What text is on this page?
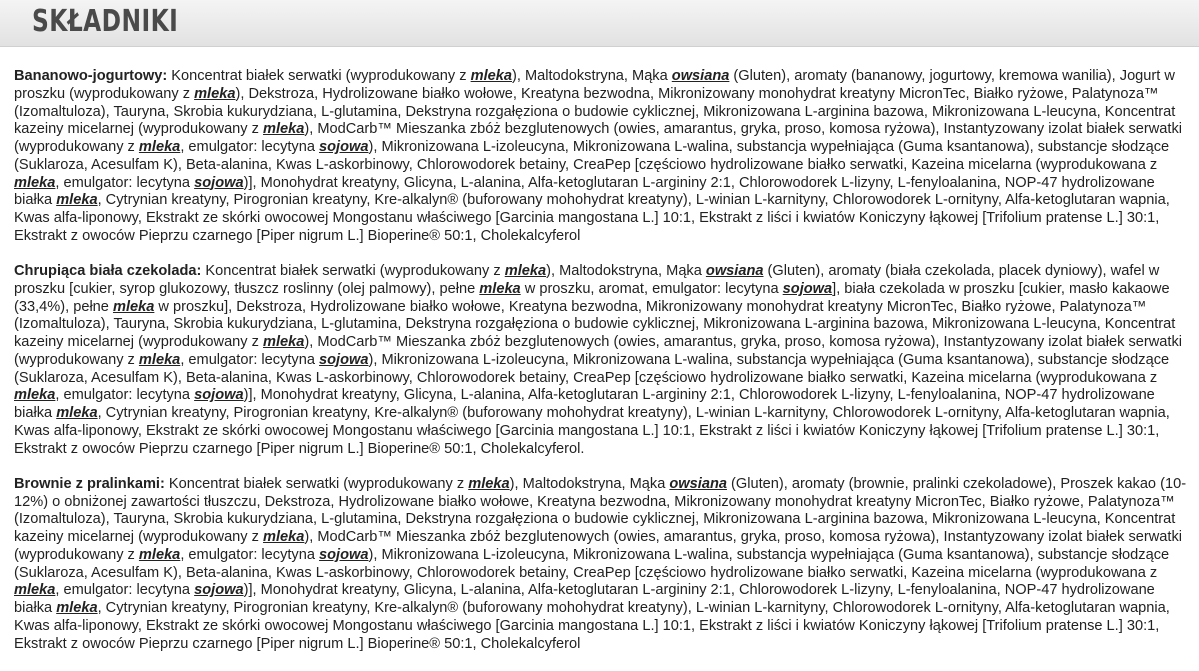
SKŁADNIKI

Bananowo-jogurtowy: Koncentrat białek serwatki (wyprodukowany z mleka), Maltodokstryna, Mąka owsiana (Gluten), aromaty (bananowy, jogurtowy, kremowa wanilia), Jogurt w proszku (wyprodukowany z mleka), Dekstroza, Hydrolizowane białko wołowe, Kreatyna bezwodna, Mikronizowany monohydrat kreatyny MicronTec, Białko ryżowe, Palatynoza™ (Izomaltuloza), Tauryna, Skrobia kukurydziana, L-glutamina, Dekstryna rozgałęziona o budowie cyklicznej, Mikronizowana L-arginina bazowa, Mikronizowana L-leucyna, Koncentrat kazeiny micelarnej (wyprodukowany z mleka), ModCarb™ Mieszanka zbóż bezglutenowych (owies, amarantus, gryka, proso, komosa ryżowa), Instantyzowany izolat białek serwatki (wyprodukowany z mleka, emulgator: lecytyna sojowa), Mikronizowana L-izoleucyna, Mikronizowana L-walina, substancja wypełniająca (Guma ksantanowa), substancje słodzące (Suklaroza, Acesulfam K), Beta-alanina, Kwas L-askorbinowy, Chlorowodorek betainy, CreaPep [częściowo hydrolizowane białko serwatki, Kazeina micelarna (wyprodukowana z mleka, emulgator: lecytyna sojowa)], Monohydrat kreatyny, Glicyna, L-alanina, Alfa-ketoglutaran L-argininy 2:1, Chlorowodorek L-lizyny, L-fenyloalanina, NOP-47 hydrolizowane białka mleka, Cytrynian kreatyny, Pirogronian kreatyny, Kre-alkalyn® (buforowany mohohydrat kreatyny), L-winian L-karnityny, Chlorowodorek L-ornityny, Alfa-ketoglutaran wapnia, Kwas alfa-liponowy, Ekstrakt ze skórki owocowej Mongostanu właściwego [Garcinia mangostana L.] 10:1, Ekstrakt z liści i kwiatów Koniczyny łąkowej [Trifolium pratense L.] 30:1, Ekstrakt z owoców Pieprzu czarnego [Piper nigrum L.] Bioperine® 50:1, Cholekalcyferol

Chrupiąca biała czekolada: Koncentrat białek serwatki (wyprodukowany z mleka), Maltodokstryna, Mąka owsiana (Gluten), aromaty (biała czekolada, placek dyniowy), wafel w proszku [cukier, syrop glukozowy, tłuszcz roslinny (olej palmowy), pełne mleka w proszku, aromat, emulgator: lecytyna sojowa], biała czekolada w proszku [cukier, masło kakaowe (33,4%), pełne mleka w proszku], Dekstroza, Hydrolizowane białko wołowe, Kreatyna bezwodna, Mikronizowany monohydrat kreatyny MicronTec, Białko ryżowe, Palatynoza™ (Izomaltuloza), Tauryna, Skrobia kukurydziana, L-glutamina, Dekstryna rozgałęziona o budowie cyklicznej, Mikronizowana L-arginina bazowa, Mikronizowana L-leucyna, Koncentrat kazeiny micelarnej (wyprodukowany z mleka), ModCarb™ Mieszanka zbóż bezglutenowych (owies, amarantus, gryka, proso, komosa ryżowa), Instantyzowany izolat białek serwatki (wyprodukowany z mleka, emulgator: lecytyna sojowa), Mikronizowana L-izoleucyna, Mikronizowana L-walina, substancja wypełniająca (Guma ksantanowa), substancje słodzące (Suklaroza, Acesulfam K), Beta-alanina, Kwas L-askorbinowy, Chlorowodorek betainy, CreaPep [częściowo hydrolizowane białko serwatki, Kazeina micelarna (wyprodukowana z mleka, emulgator: lecytyna sojowa)], Monohydrat kreatyny, Glicyna, L-alanina, Alfa-ketoglutaran L-argininy 2:1, Chlorowodorek L-lizyny, L-fenyloalanina, NOP-47 hydrolizowane białka mleka, Cytrynian kreatyny, Pirogronian kreatyny, Kre-alkalyn® (buforowany mohohydrat kreatyny), L-winian L-karnityny, Chlorowodorek L-ornityny, Alfa-ketoglutaran wapnia, Kwas alfa-liponowy, Ekstrakt ze skórki owocowej Mongostanu właściwego [Garcinia mangostana L.] 10:1, Ekstrakt z liści i kwiatów Koniczyny łąkowej [Trifolium pratense L.] 30:1, Ekstrakt z owoców Pieprzu czarnego [Piper nigrum L.] Bioperine® 50:1, Cholekalcyferol.

Brownie z pralinkami: Koncentrat białek serwatki (wyprodukowany z mleka), Maltodokstryna, Mąka owsiana (Gluten), aromaty (brownie, pralinki czekoladowe), Proszek kakao (10-12%) o obniżonej zawartości tłuszczu, Dekstroza, Hydrolizowane białko wołowe, Kreatyna bezwodna, Mikronizowany monohydrat kreatyny MicronTec, Białko ryżowe, Palatynoza™ (Izomaltuloza), Tauryna, Skrobia kukurydziana, L-glutamina, Dekstryna rozgałęziona o budowie cyklicznej, Mikronizowana L-arginina bazowa, Mikronizowana L-leucyna, Koncentrat kazeiny micelarnej (wyprodukowany z mleka), ModCarb™ Mieszanka zbóż bezglutenowych (owies, amarantus, gryka, proso, komosa ryżowa), Instantyzowany izolat białek serwatki (wyprodukowany z mleka, emulgator: lecytyna sojowa), Mikronizowana L-izoleucyna, Mikronizowana L-walina, substancja wypełniająca (Guma ksantanowa), substancje słodzące (Suklaroza, Acesulfam K), Beta-alanina, Kwas L-askorbinowy, Chlorowodorek betainy, CreaPep [częściowo hydrolizowane białko serwatki, Kazeina micelarna (wyprodukowana z mleka, emulgator: lecytyna sojowa)], Monohydrat kreatyny, Glicyna, L-alanina, Alfa-ketoglutaran L-argininy 2:1, Chlorowodorek L-lizyny, L-fenyloalanina, NOP-47 hydrolizowane białka mleka, Cytrynian kreatyny, Pirogronian kreatyny, Kre-alkalyn® (buforowany mohohydrat kreatyny), L-winian L-karnityny, Chlorowodorek L-ornityny, Alfa-ketoglutaran wapnia, Kwas alfa-liponowy, Ekstrakt ze skórki owocowej Mongostanu właściwego [Garcinia mangostana L.] 10:1, Ekstrakt z liści i kwiatów Koniczyny łąkowej [Trifolium pratense L.] 30:1, Ekstrakt z owoców Pieprzu czarnego [Piper nigrum L.] Bioperine® 50:1, Cholekalcyferol
